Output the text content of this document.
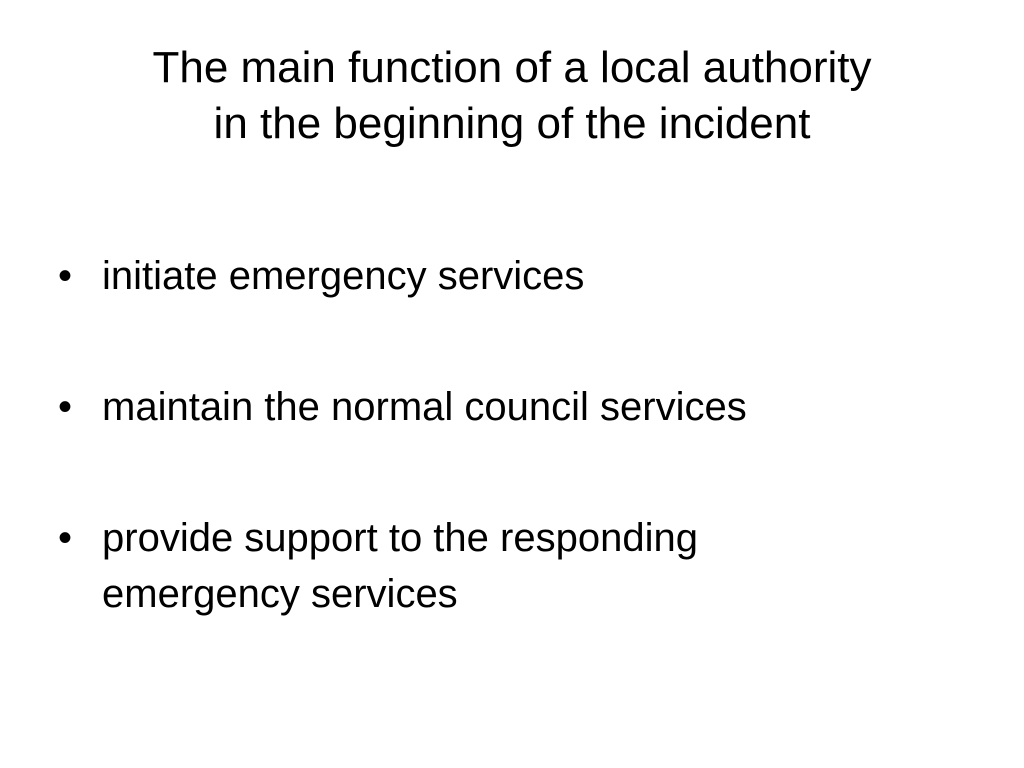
The main function of a local authority
in the beginning of the incident
• initiate emergency services
• maintain the normal council services
• provide support to the responding emergency services
